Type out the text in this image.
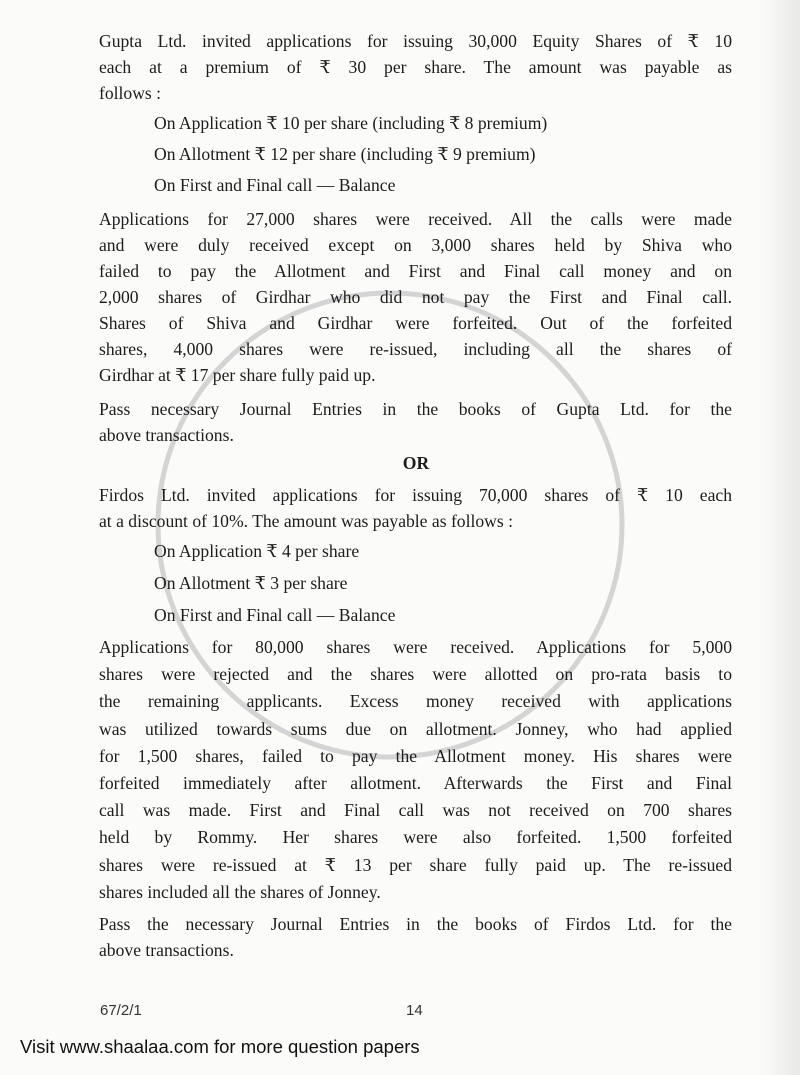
Gupta Ltd. invited applications for issuing 30,000 Equity Shares of ₹ 10
each at a premium of ₹ 30 per share. The amount was payable as
follows :
On Application ₹ 10 per share (including ₹ 8 premium)
On Allotment ₹ 12 per share (including ₹ 9 premium)
On First and Final call — Balance
Applications for 27,000 shares were received. All the calls were made
and were duly received except on 3,000 shares held by Shiva who
failed to pay the Allotment and First and Final call money and on
2,000 shares of Girdhar who did not pay the First and Final call.
Shares of Shiva and Girdhar were forfeited. Out of the forfeited
shares, 4,000 shares were re-issued, including all the shares of
Girdhar at ₹ 17 per share fully paid up.
Pass necessary Journal Entries in the books of Gupta Ltd. for the
above transactions.
OR
Firdos Ltd. invited applications for issuing 70,000 shares of ₹ 10 each
at a discount of 10%. The amount was payable as follows :
On Application ₹ 4 per share
On Allotment ₹ 3 per share
On First and Final call — Balance
Applications for 80,000 shares were received. Applications for 5,000
shares were rejected and the shares were allotted on pro-rata basis to
the remaining applicants. Excess money received with applications
was utilized towards sums due on allotment. Jonney, who had applied
for 1,500 shares, failed to pay the Allotment money. His shares were
forfeited immediately after allotment. Afterwards the First and Final
call was made. First and Final call was not received on 700 shares
held by Rommy. Her shares were also forfeited. 1,500 forfeited
shares were re-issued at ₹ 13 per share fully paid up. The re-issued
shares included all the shares of Jonney.
Pass the necessary Journal Entries in the books of Firdos Ltd. for the
above transactions.
67/2/1	14
Visit www.shaalaa.com for more question papers
